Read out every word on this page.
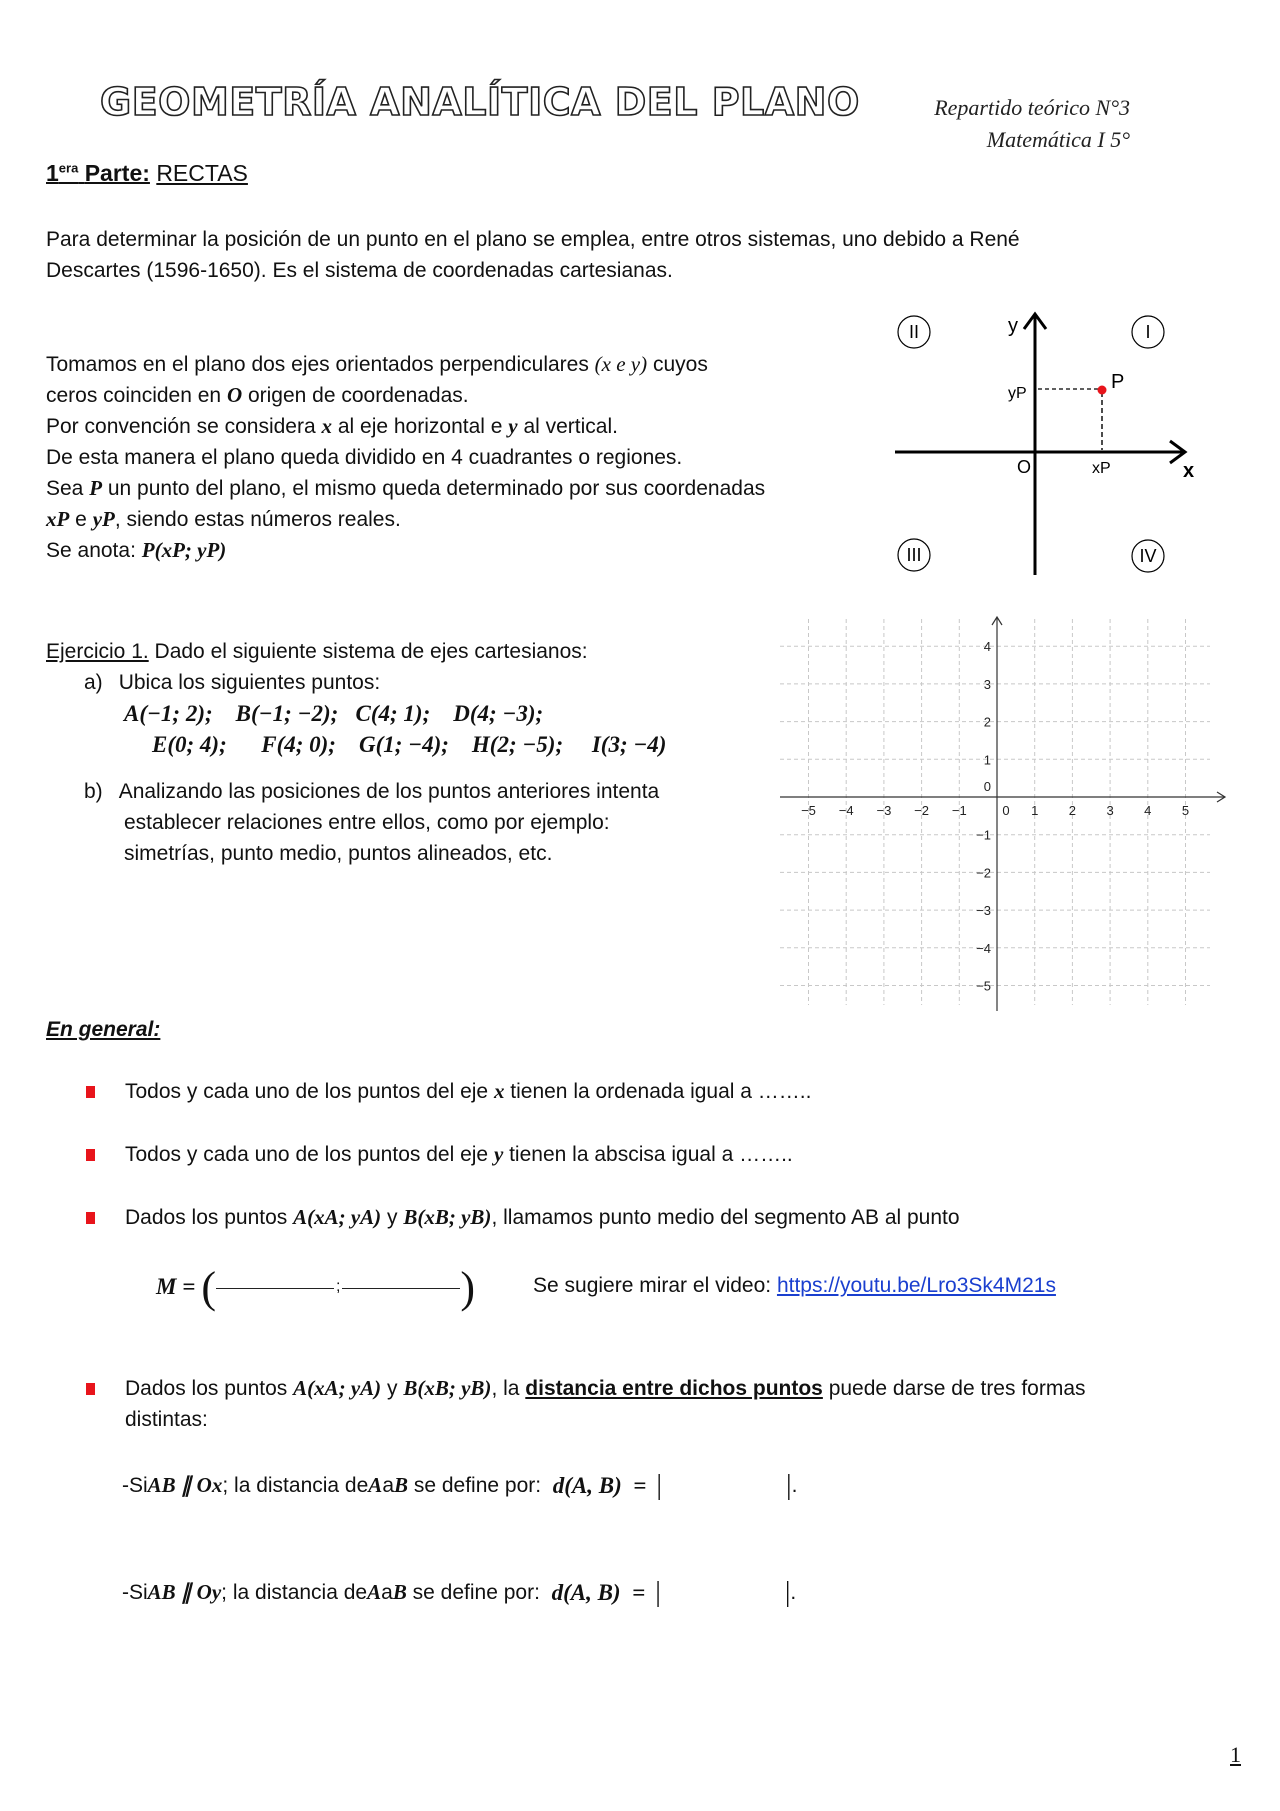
GEOMETRÍA ANALÍTICA DEL PLANO	Repartido teórico N°3
Matemática I 5°
$1^{era}$ Parte: RECTAS
Para determinar la posición de un punto en el plano se emplea, entre otros sistemas, uno debido a René
Descartes (1596-1650). Es el sistema de coordenadas cartesianas.
Tomamos en el plano dos ejes orientados perpendiculares (x e y) cuyos
ceros coinciden en O origen de coordenadas.
Por convención se considera x al eje horizontal e y al vertical.
De esta manera el plano queda dividido en 4 cuadrantes o regiones.
Sea P un punto del plano, el mismo queda determinado por sus coordenadas
xP e yP, siendo estas números reales.
Se anota: P(xP; yP)
y
x
O
P
yP
xP
II	I
III	IV
Ejercicio 1. Dado el siguiente sistema de ejes cartesianos:
a) Ubica los siguientes puntos:
A(−1; 2);    B(−1; −2);   C(4; 1);    D(4; −3);
E(0; 4);      F(4; 0);    G(1; −4);    H(2; −5);     I(3; −4)
b) Analizando las posiciones de los puntos anteriores intenta
establecer relaciones entre ellos, como por ejemplo:
simetrías, punto medio, puntos alineados, etc.
−5 −4 −3 −2 −1	0 1 2 3 4 5
4
3
2
1
0
−1
−2
−3
−4
−5
En general:
Todos y cada uno de los puntos del eje x tienen la ordenada igual a ……..
Todos y cada uno de los puntos del eje y tienen la abscisa igual a ……..
Dados los puntos A(xA; yA) y B(xB; yB), llamamos punto medio del segmento AB al punto
M = (	;	)	Se sugiere mirar el video: https://youtu.be/Lro3Sk4M21s
Dados los puntos A(xA; yA) y B(xB; yB), la distancia entre dichos puntos puede darse de tres formas
distintas:
-Si AB ∥ Ox ; la distancia de A a B se define por: d(A, B)  = |	| .
-Si AB ∥ Oy ; la distancia de A a B se define por: d(A, B)  = |	| .
1
